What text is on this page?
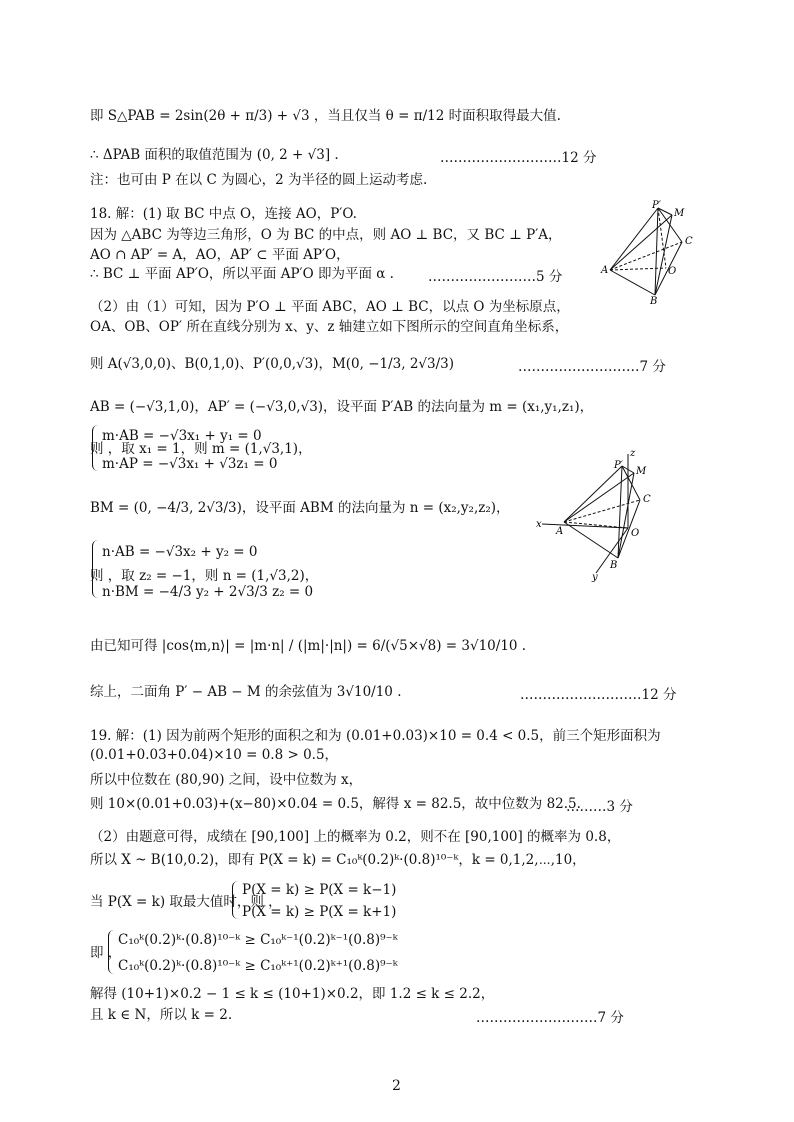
即 S△PAB = 2sin(2θ + π/3) + √3 ，当且仅当 θ = π/12 时面积取得最大值.
∴ ΔPAB 面积的取值范围为 (0, 2 + √3] .	………………………12 分
注：也可由 P 在以 C 为圆心，2 为半径的圆上运动考虑.
18. 解：(1) 取 BC 中点 O，连接 AO，P′O.
因为 △ABC 为等边三角形，O 为 BC 的中点，则 AO ⊥ BC，又 BC ⊥ P′A，
AO ∩ AP′ = A，AO，AP′ ⊂ 平面 AP′O，
∴ BC ⊥ 平面 AP′O，所以平面 AP′O 即为平面 α .	……………………5 分
（2）由（1）可知，因为 P′O ⊥ 平面 ABC，AO ⊥ BC，以点 O 为坐标原点，
OA、OB、OP′ 所在直线分别为 x、y、z 轴建立如下图所示的空间直角坐标系，
则 A(√3,0,0)、B(0,1,0)、P′(0,0,√3)，M(0, −1/3, 2√3/3)	………………………7 分
AB = (−√3,1,0)，AP′ = (−√3,0,√3)，设平面 P′AB 的法向量为 m = (x₁,y₁,z₁)，
m·AB = −√3x₁ + y₁ = 0
则 ，取 x₁ = 1，则 m = (1,√3,1)，
m·AP = −√3x₁ + √3z₁ = 0
BM = (0, −4/3, 2√3/3)，设平面 ABM 的法向量为 n = (x₂,y₂,z₂)，
n·AB = −√3x₂ + y₂ = 0
则 ，取 z₂ = −1，则 n = (1,√3,2)，
n·BM = −4/3 y₂ + 2√3/3 z₂ = 0
由已知可得 |cos⟨m,n⟩| = |m·n| / (|m|·|n|) = 6/(√5×√8) = 3√10/10 .
综上，二面角 P′ − AB − M 的余弦值为 3√10/10 .	………………………12 分
19. 解：(1) 因为前两个矩形的面积之和为 (0.01+0.03)×10 = 0.4 < 0.5，前三个矩形面积为
(0.01+0.03+0.04)×10 = 0.8 > 0.5，
所以中位数在 (80,90) 之间，设中位数为 x，
则 10×(0.01+0.03)+(x−80)×0.04 = 0.5，解得 x = 82.5，故中位数为 82.5.
………3 分
（2）由题意可得，成绩在 [90,100] 上的概率为 0.2，则不在 [90,100] 的概率为 0.8，
所以 X ~ B(10,0.2)，即有 P(X = k) = C₁₀ᵏ(0.2)ᵏ·(0.8)¹⁰⁻ᵏ，k = 0,1,2,⋯,10，
P(X = k) ≥ P(X = k−1)
当 P(X = k) 取最大值时，则 ，
P(X = k) ≥ P(X = k+1)
C₁₀ᵏ(0.2)ᵏ·(0.8)¹⁰⁻ᵏ ≥ C₁₀ᵏ⁻¹(0.2)ᵏ⁻¹(0.8)⁹⁻ᵏ
即 ，
C₁₀ᵏ(0.2)ᵏ·(0.8)¹⁰⁻ᵏ ≥ C₁₀ᵏ⁺¹(0.2)ᵏ⁺¹(0.8)⁹⁻ᵏ
解得 (10+1)×0.2 − 1 ≤ k ≤ (10+1)×0.2，即 1.2 ≤ k ≤ 2.2，
且 k ∈ N，所以 k = 2.	………………………7 分
P′
M
C
A	O
B
z
P′
M
C
x
A	O
B
y
2
